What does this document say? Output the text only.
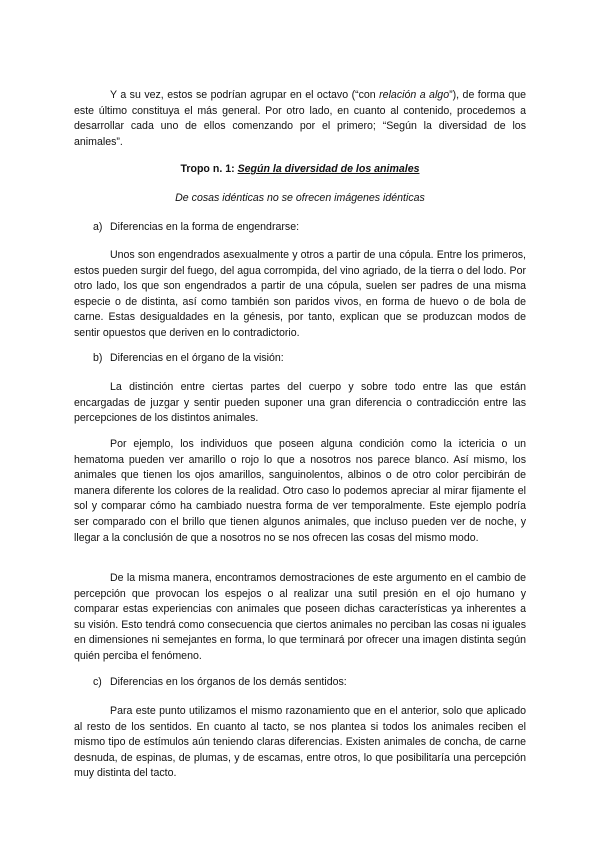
Y a su vez, estos se podrían agrupar en el octavo (“con relación a algo”), de forma que este último constituya el más general. Por otro lado, en cuanto al contenido, procedemos a desarrollar cada uno de ellos comenzando por el primero; “Según la diversidad de los animales”.

Tropo n. 1: Según la diversidad de los animales

De cosas idénticas no se ofrecen imágenes idénticas

a) Diferencias en la forma de engendrarse:

Unos son engendrados asexualmente y otros a partir de una cópula. Entre los primeros, estos pueden surgir del fuego, del agua corrompida, del vino agriado, de la tierra o del lodo. Por otro lado, los que son engendrados a partir de una cópula, suelen ser padres de una misma especie o de distinta, así como también son paridos vivos, en forma de huevo o de bola de carne. Estas desigualdades en la génesis, por tanto, explican que se produzcan modos de sentir opuestos que deriven en lo contradictorio.

b) Diferencias en el órgano de la visión:

La distinción entre ciertas partes del cuerpo y sobre todo entre las que están encargadas de juzgar y sentir pueden suponer una gran diferencia o contradicción entre las percepciones de los distintos animales.

Por ejemplo, los individuos que poseen alguna condición como la ictericia o un hematoma pueden ver amarillo o rojo lo que a nosotros nos parece blanco. Así mismo, los animales que tienen los ojos amarillos, sanguinolentos, albinos o de otro color percibirán de manera diferente los colores de la realidad. Otro caso lo podemos apreciar al mirar fijamente el sol y comparar cómo ha cambiado nuestra forma de ver temporalmente. Este ejemplo podría ser comparado con el brillo que tienen algunos animales, que incluso pueden ver de noche, y llegar a la conclusión de que a nosotros no se nos ofrecen las cosas del mismo modo.

De la misma manera, encontramos demostraciones de este argumento en el cambio de percepción que provocan los espejos o al realizar una sutil presión en el ojo humano y comparar estas experiencias con animales que poseen dichas características ya inherentes a su visión. Esto tendrá como consecuencia que ciertos animales no perciban las cosas ni iguales en dimensiones ni semejantes en forma, lo que terminará por ofrecer una imagen distinta según quién perciba el fenómeno.

c) Diferencias en los órganos de los demás sentidos:

Para este punto utilizamos el mismo razonamiento que en el anterior, solo que aplicado al resto de los sentidos. En cuanto al tacto, se nos plantea si todos los animales reciben el mismo tipo de estímulos aún teniendo claras diferencias. Existen animales de concha, de carne desnuda, de espinas, de plumas, y de escamas, entre otros, lo que posibilitaría una percepción muy distinta del tacto.
